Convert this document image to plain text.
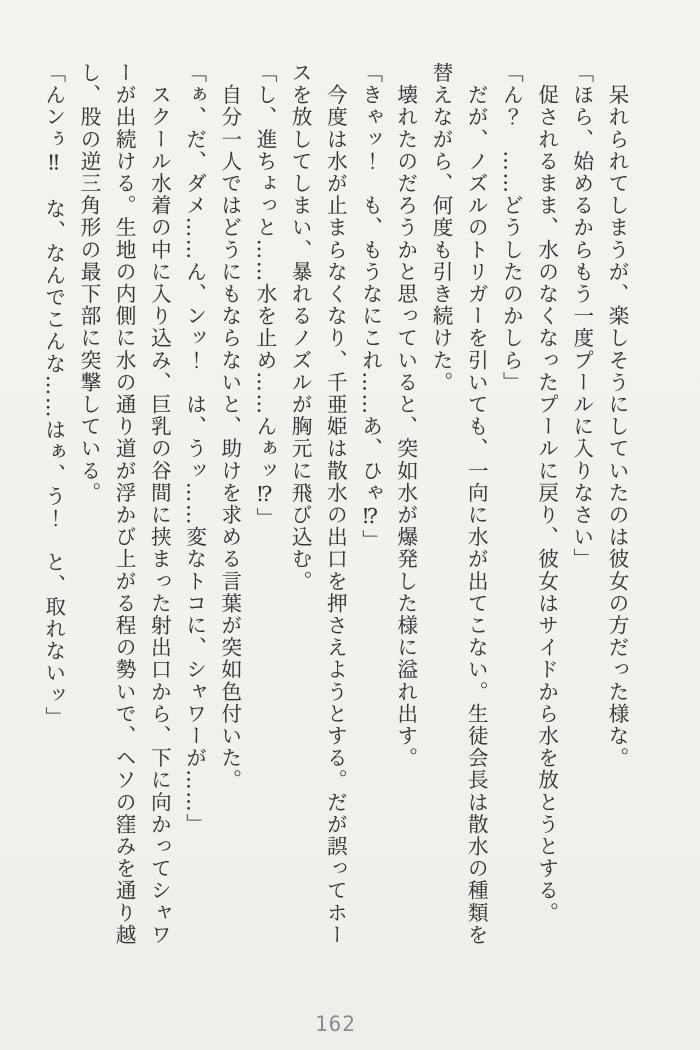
　呆れられてしまうが、楽しそうにしていたのは彼女の方だった様な。
「ほら、始めるからもう一度プールに入りなさい」
　促されるまま、水のなくなったプールに戻り、彼女はサイドから水を放とうとする。
「ん？　……どうしたのかしら」
　だが、ノズルのトリガーを引いても、一向に水が出てこない。生徒会長は散水の種類を
替えながら、何度も引き続けた。
　壊れたのだろうかと思っていると、突如水が爆発した様に溢れ出す。
「きゃッ！　も、もうなにこれ……あ、ひゃ⁉」
　今度は水が止まらなくなり、千亜姫は散水の出口を押さえようとする。だが誤ってホー
スを放してしまい、暴れるノズルが胸元に飛び込む。
「し、進ちょっと……水を止め……んぁッ⁉」
　自分一人ではどうにもならないと、助けを求める言葉が突如色付いた。
「ぁ、だ、ダメ……ん、ンッ！　は、うッ……変なトコに、シャワーが……」
　スクール水着の中に入り込み、巨乳の谷間に挟まった射出口から、下に向かってシャワ
ーが出続ける。生地の内側に水の通り道が浮かび上がる程の勢いで、ヘソの窪みを通り越
し、股の逆三角形の最下部に突撃している。
「んンぅ‼　な、なんでこんな……はぁ、う！　と、取れないッ」
162
